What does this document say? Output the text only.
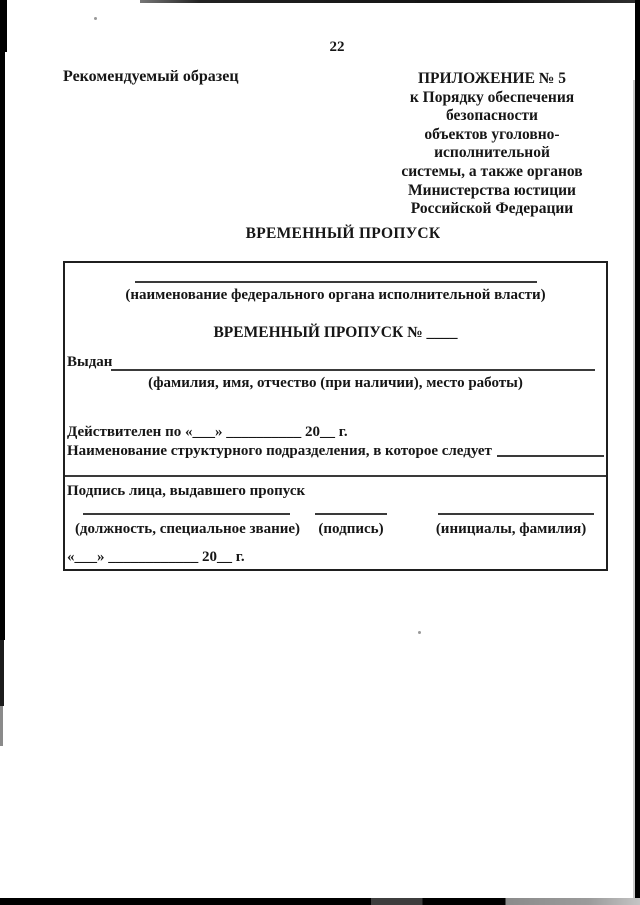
22
Рекомендуемый образец	ПРИЛОЖЕНИЕ № 5
к Порядку обеспечения безопасности
объектов уголовно-исполнительной
системы, а также органов
Министерства юстиции
Российской Федерации
ВРЕМЕННЫЙ ПРОПУСК
(наименование федерального органа исполнительной власти)
ВРЕМЕННЫЙ ПРОПУСК № ____
Выдан
(фамилия, имя, отчество (при наличии), место работы)
Действителен по «___» __________ 20__ г.
Наименование структурного подразделения, в которое следует
Подпись лица, выдавшего пропуск
(должность, специальное звание)	(подпись)	(инициалы, фамилия)
«___» ____________ 20__ г.
